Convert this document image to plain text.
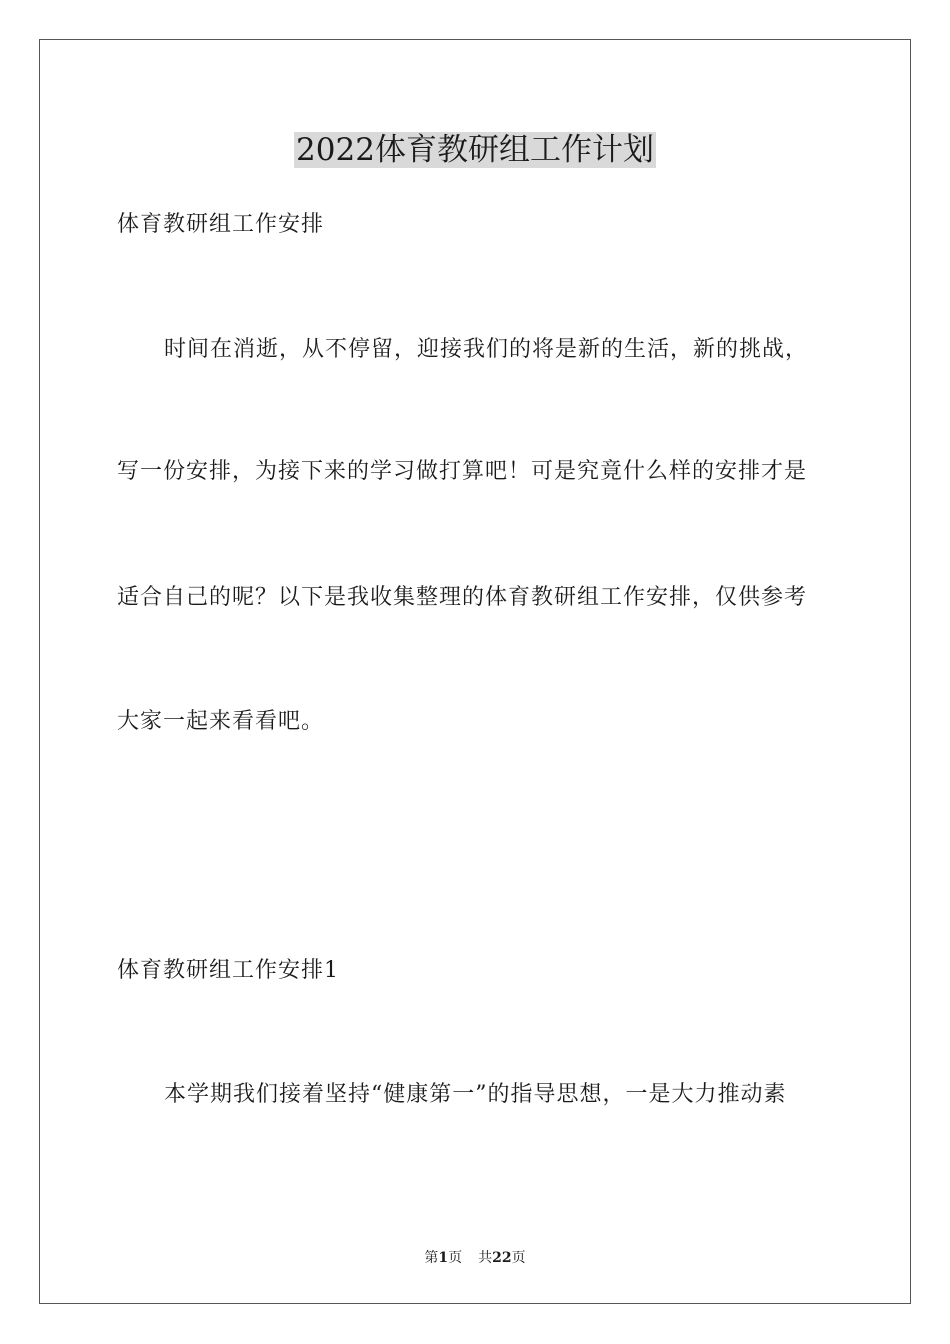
2022体育教研组工作计划
体育教研组工作安排
时间在消逝，从不停留，迎接我们的将是新的生活，新的挑战，
写一份安排，为接下来的学习做打算吧！可是究竟什么样的安排才是
适合自己的呢？以下是我收集整理的体育教研组工作安排，仅供参考
大家一起来看看吧。
体育教研组工作安排1
本学期我们接着坚持“健康第一”的指导思想，一是大力推动素
第1页 共22页
